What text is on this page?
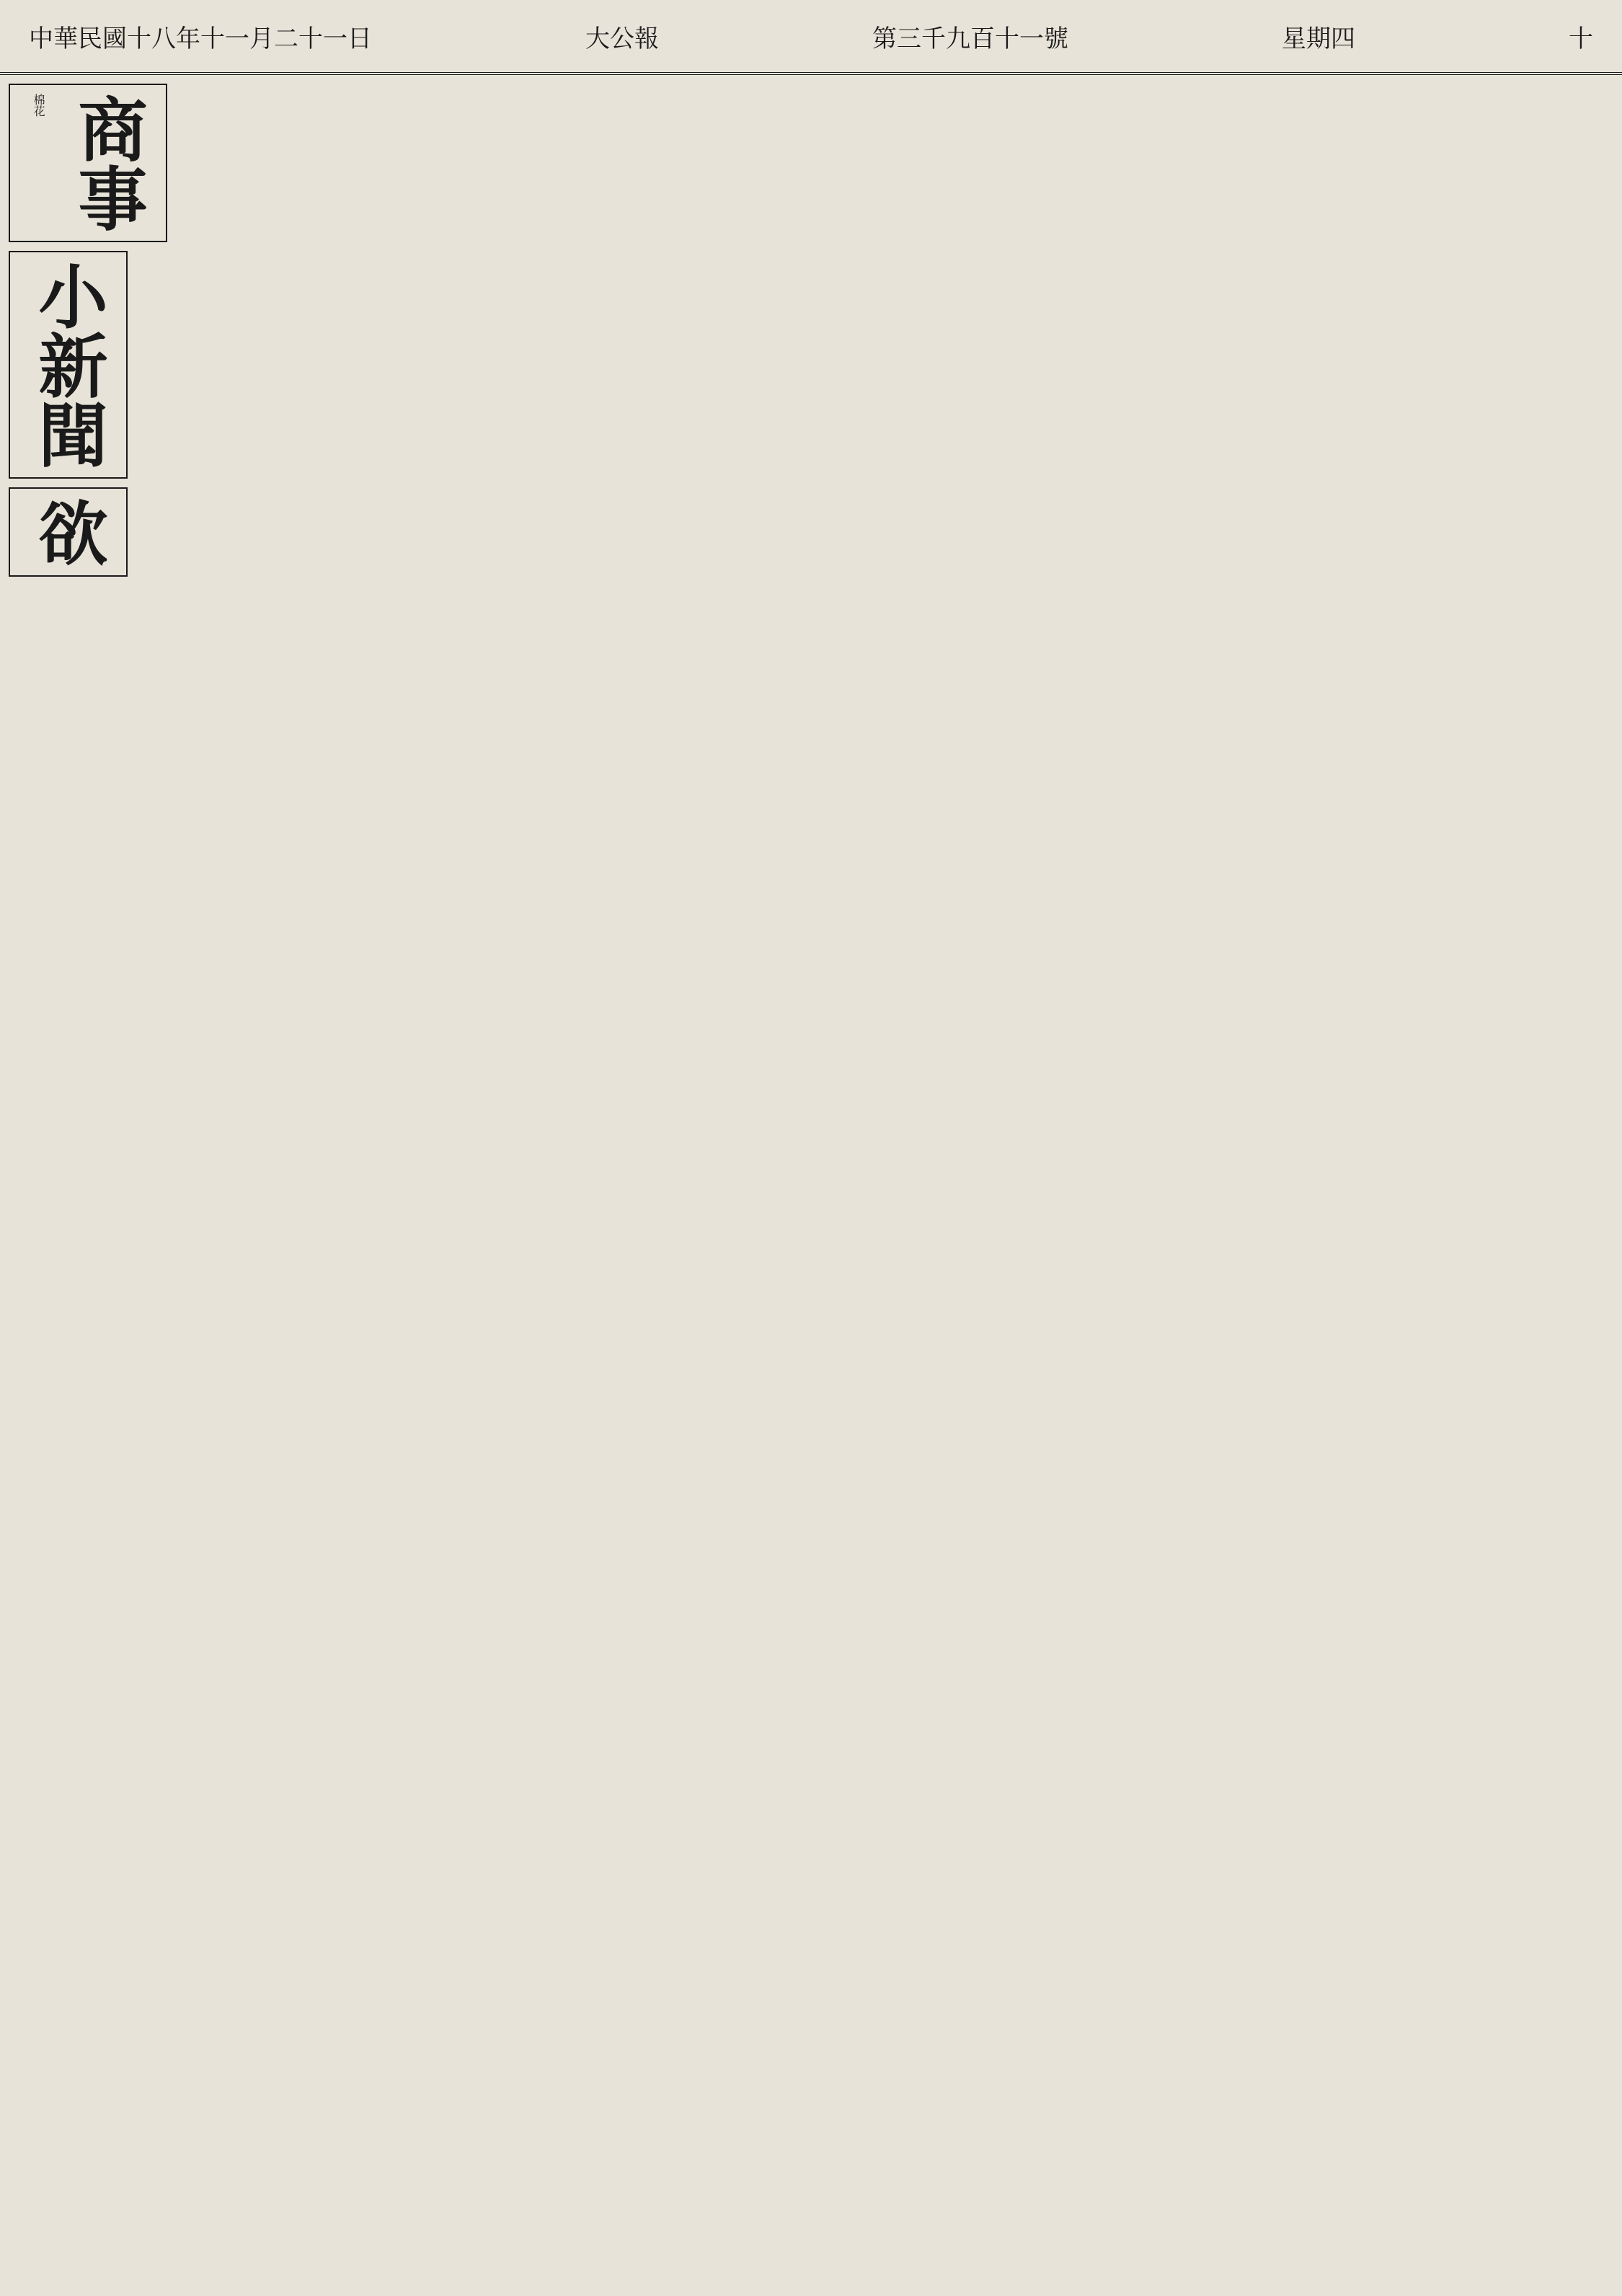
中華民國十八年十一月二十一日	大公報	第三千九百十一號	星期四	十
商事

棉花

小新聞
欲
